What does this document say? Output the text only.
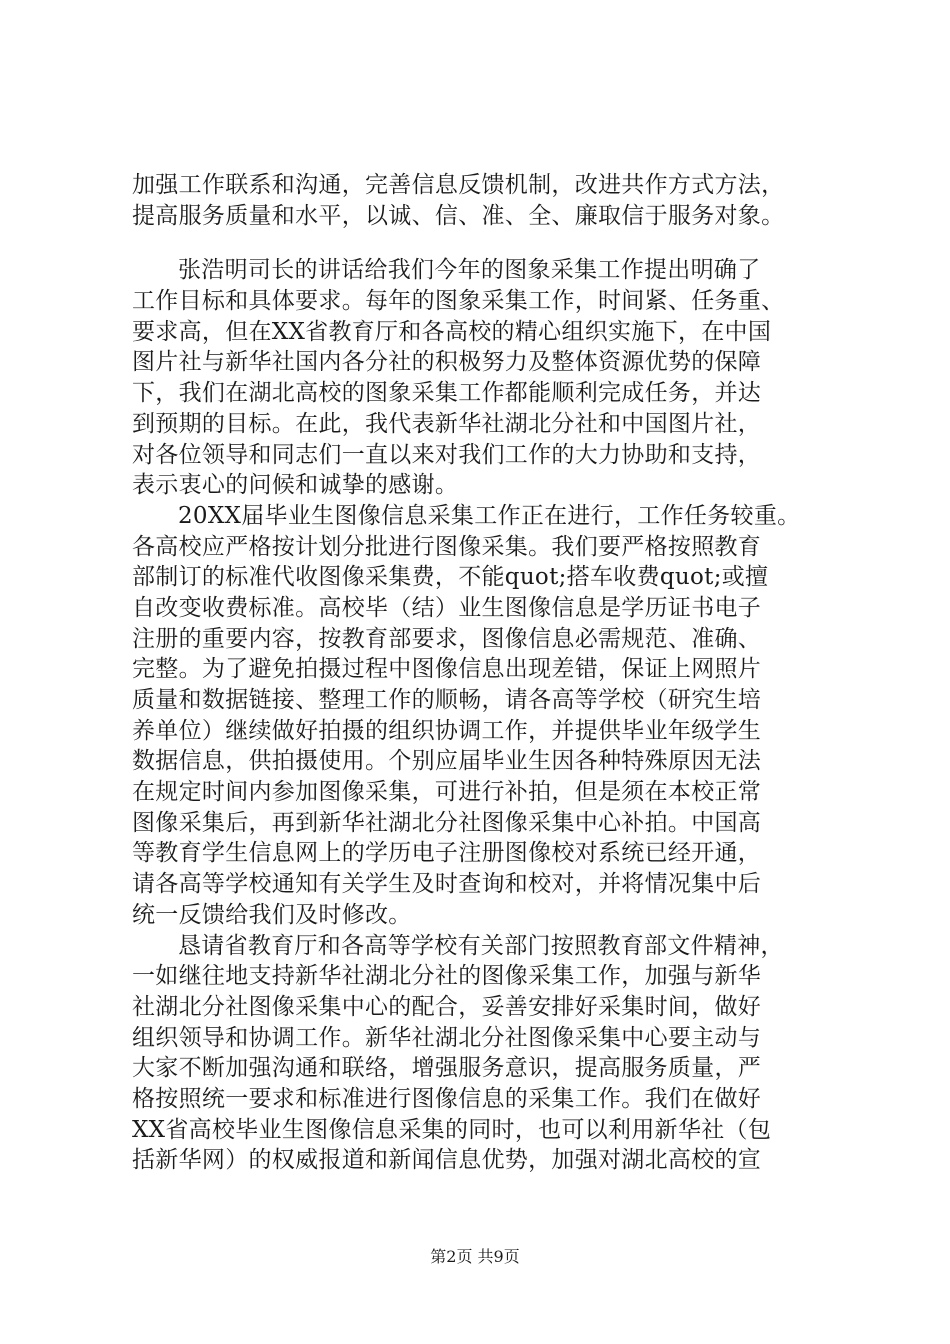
加强工作联系和沟通，完善信息反馈机制，改进共作方式方法，
提高服务质量和水平，以诚、信、准、全、廉取信于服务对象。
张浩明司长的讲话给我们今年的图象采集工作提出明确了
工作目标和具体要求。每年的图象采集工作，时间紧、任务重、
要求高，但在XX省教育厅和各高校的精心组织实施下，在中国
图片社与新华社国内各分社的积极努力及整体资源优势的保障
下，我们在湖北高校的图象采集工作都能顺利完成任务，并达
到预期的目标。在此，我代表新华社湖北分社和中国图片社，
对各位领导和同志们一直以来对我们工作的大力协助和支持，
表示衷心的问候和诚挚的感谢。
20XX届毕业生图像信息采集工作正在进行，工作任务较重。
各高校应严格按计划分批进行图像采集。我们要严格按照教育
部制订的标准代收图像采集费，不能quot;搭车收费quot;或擅
自改变收费标准。高校毕（结）业生图像信息是学历证书电子
注册的重要内容，按教育部要求，图像信息必需规范、准确、
完整。为了避免拍摄过程中图像信息出现差错，保证上网照片
质量和数据链接、整理工作的顺畅，请各高等学校（研究生培
养单位）继续做好拍摄的组织协调工作，并提供毕业年级学生
数据信息，供拍摄使用。个别应届毕业生因各种特殊原因无法
在规定时间内参加图像采集，可进行补拍，但是须在本校正常
图像采集后，再到新华社湖北分社图像采集中心补拍。中国高
等教育学生信息网上的学历电子注册图像校对系统已经开通，
请各高等学校通知有关学生及时查询和校对，并将情况集中后
统一反馈给我们及时修改。
恳请省教育厅和各高等学校有关部门按照教育部文件精神，
一如继往地支持新华社湖北分社的图像采集工作，加强与新华
社湖北分社图像采集中心的配合，妥善安排好采集时间，做好
组织领导和协调工作。新华社湖北分社图像采集中心要主动与
大家不断加强沟通和联络，增强服务意识，提高服务质量，严
格按照统一要求和标准进行图像信息的采集工作。我们在做好
XX省高校毕业生图像信息采集的同时，也可以利用新华社（包
括新华网）的权威报道和新闻信息优势，加强对湖北高校的宣
第2页 共9页
